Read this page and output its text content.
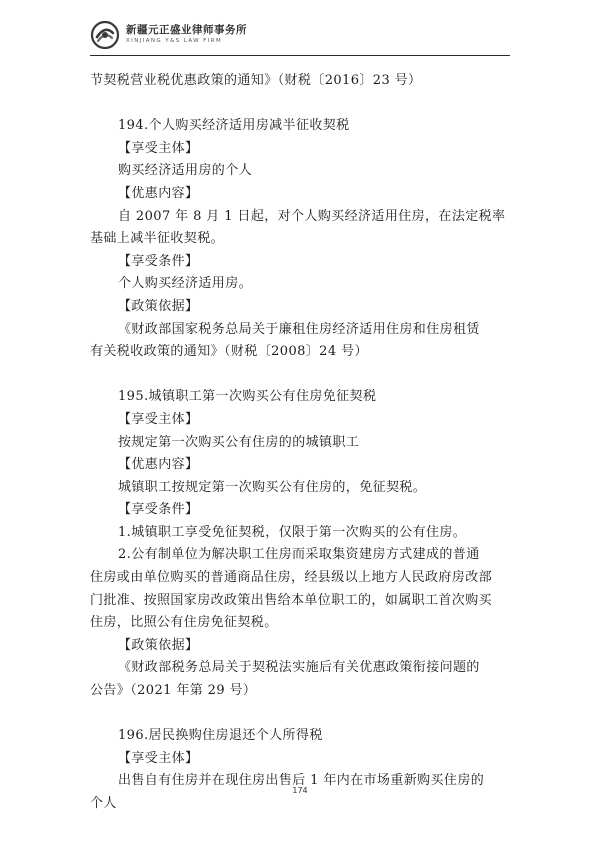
新疆元正盛业律师事务所
XINJIANG Y&S LAW FIRM
节契税营业税优惠政策的通知》（财税〔2016〕23 号）
194.个人购买经济适用房减半征收契税
【享受主体】
购买经济适用房的个人
【优惠内容】
自 2007 年 8 月 1 日起，对个人购买经济适用住房，在法定税率
基础上减半征收契税。
【享受条件】
个人购买经济适用房。
【政策依据】
《财政部国家税务总局关于廉租住房经济适用住房和住房租赁
有关税收政策的通知》（财税〔2008〕24 号）
195.城镇职工第一次购买公有住房免征契税
【享受主体】
按规定第一次购买公有住房的的城镇职工
【优惠内容】
城镇职工按规定第一次购买公有住房的，免征契税。
【享受条件】
1.城镇职工享受免征契税，仅限于第一次购买的公有住房。
2.公有制单位为解决职工住房而采取集资建房方式建成的普通
住房或由单位购买的普通商品住房，经县级以上地方人民政府房改部
门批准、按照国家房改政策出售给本单位职工的，如属职工首次购买
住房，比照公有住房免征契税。
【政策依据】
《财政部税务总局关于契税法实施后有关优惠政策衔接问题的
公告》（2021 年第 29 号）
196.居民换购住房退还个人所得税
【享受主体】
出售自有住房并在现住房出售后 1 年内在市场重新购买住房的
个人
174
